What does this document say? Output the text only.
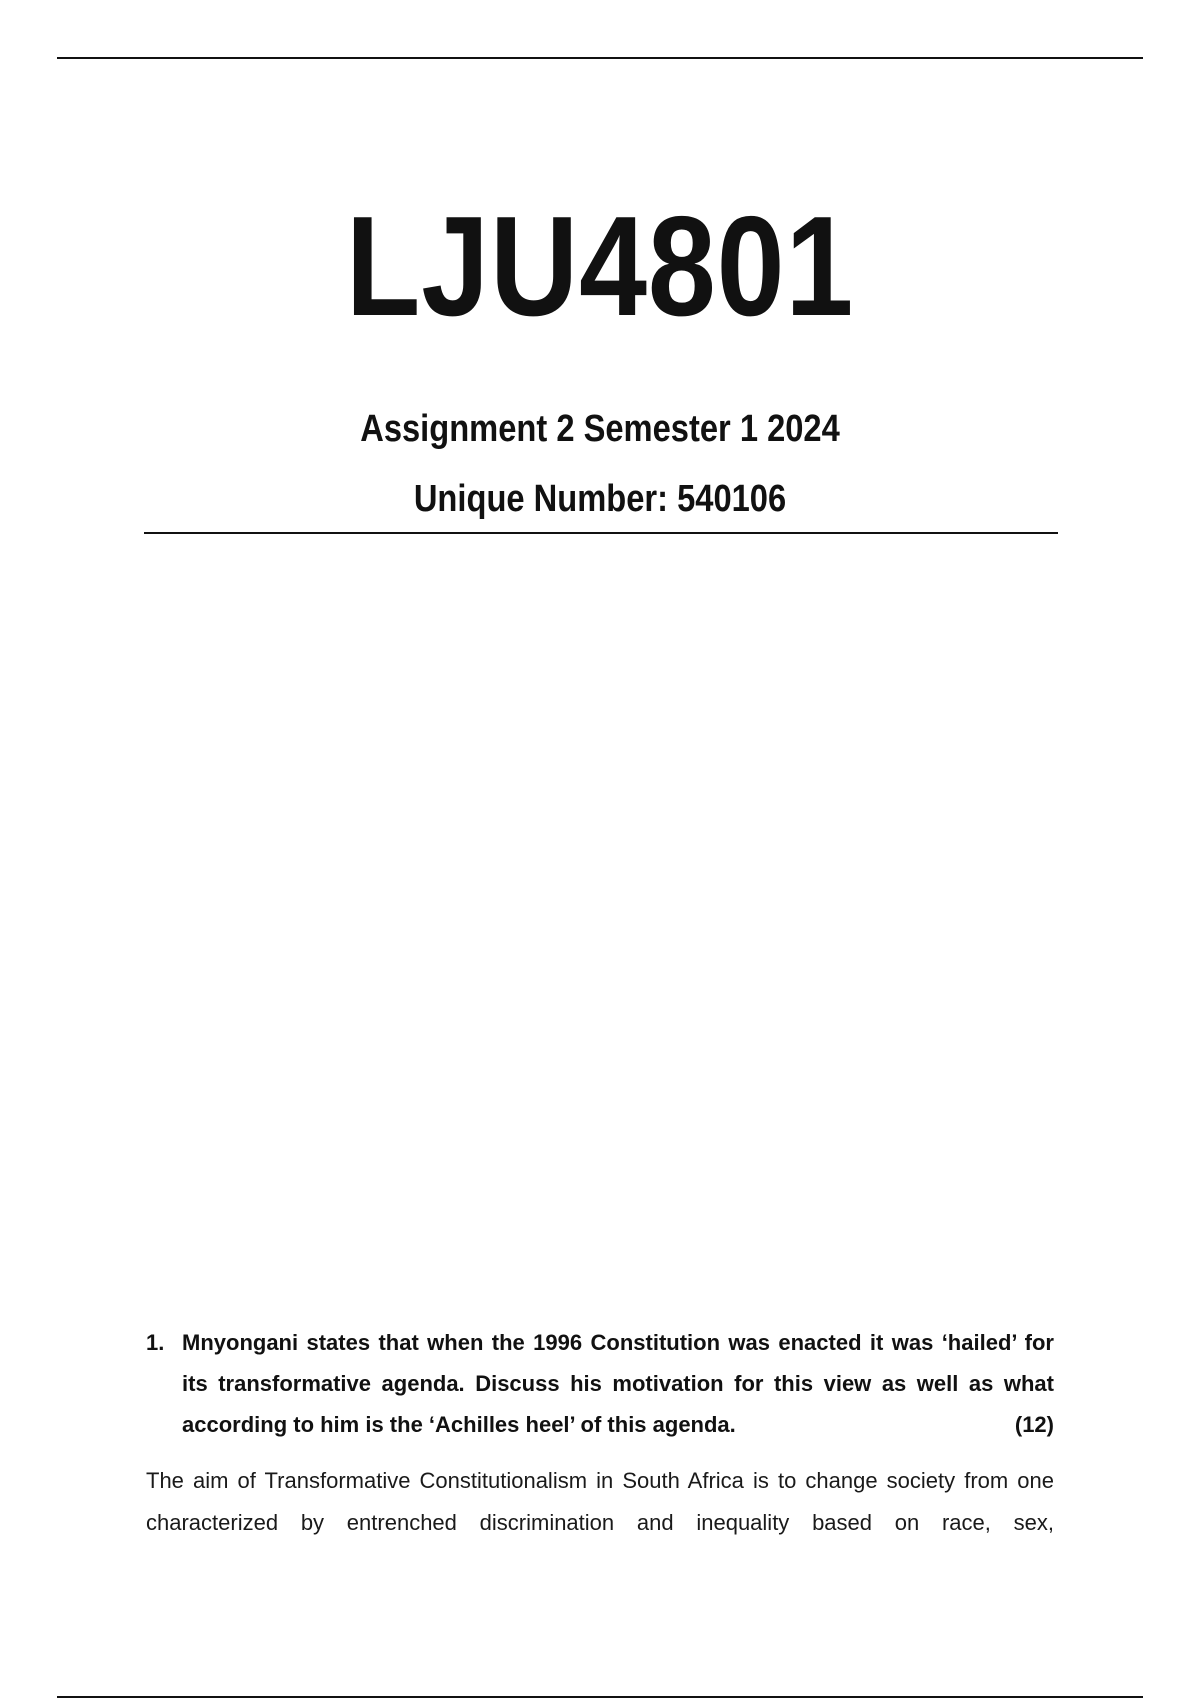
LJU4801
Assignment 2 Semester 1 2024
Unique Number: 540106
1. Mnyongani states that when the 1996 Constitution was enacted it was ‘hailed’ for its transformative agenda. Discuss his motivation for this view as well as what according to him is the ‘Achilles heel’ of this agenda.	(12)
The aim of Transformative Constitutionalism in South Africa is to change society from one characterized by entrenched discrimination and inequality based on race, sex,
